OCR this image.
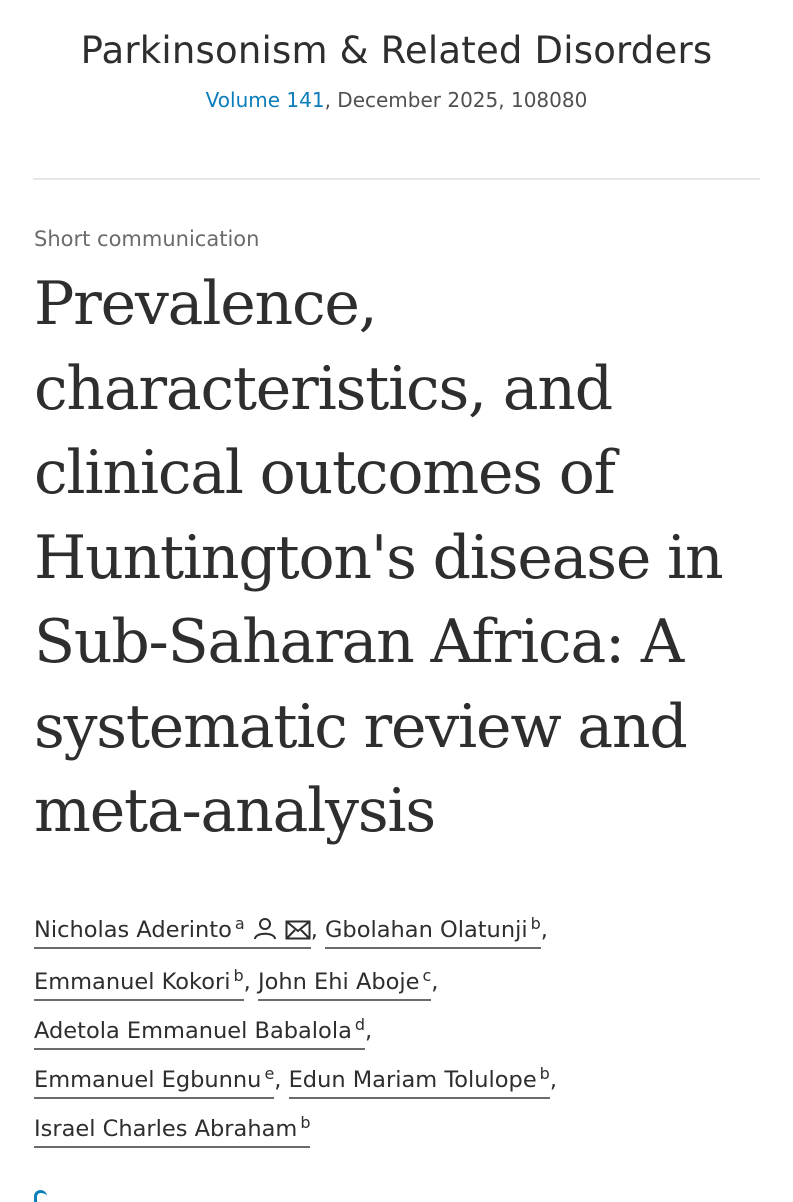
Parkinsonism & Related Disorders
Volume 141, December 2025, 108080
Short communication
Prevalence, characteristics, and clinical outcomes of Huntington's disease in Sub-Saharan Africa: A systematic review and meta-analysis
Nicholas Aderinto $^a$	, Gbolahan Olatunji $^b$,
Emmanuel Kokori $^b$, John Ehi Aboje $^c$,
Adetola Emmanuel Babalola $^d$,
Emmanuel Egbunnu $^e$, Edun Mariam Tolulope $^b$,
Israel Charles Abraham $^b$
